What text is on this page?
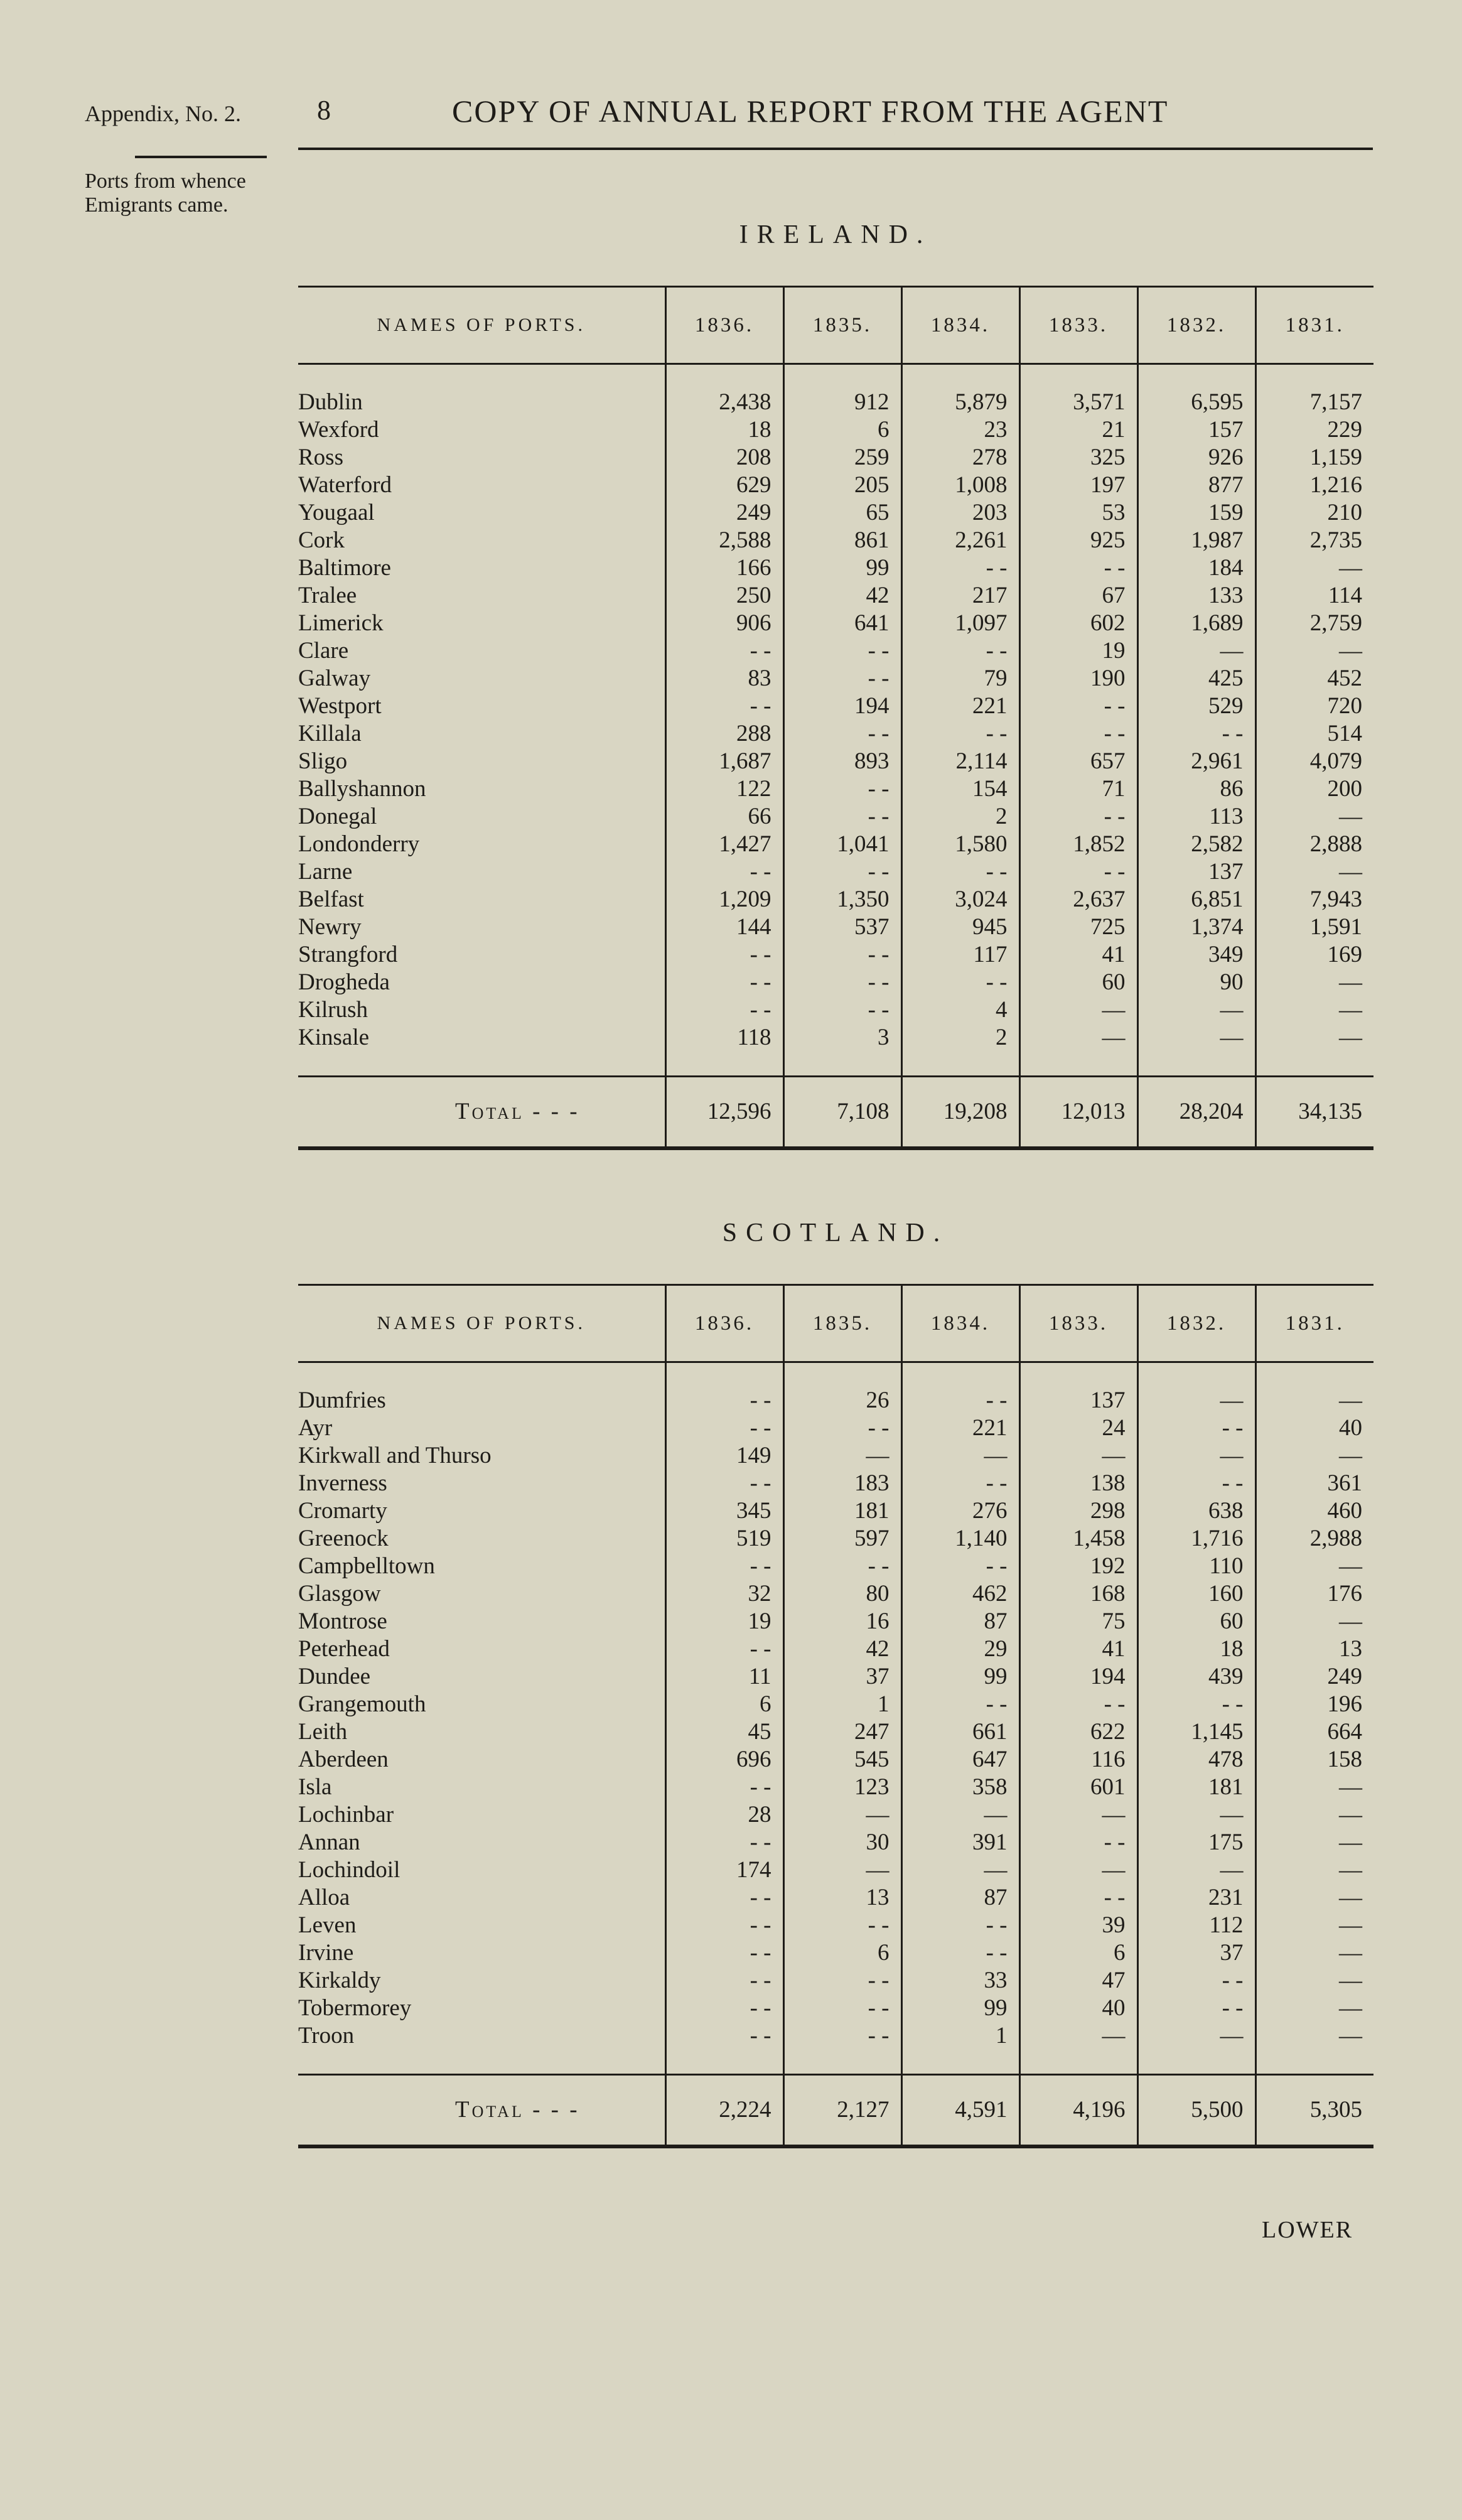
Appendix, No. 2.
Ports from whence
Emigrants came.
8	COPY OF ANNUAL REPORT FROM THE AGENT
IRELAND.
NAMES OF PORTS.	1836.	1835.	1834.	1833.	1832.	1831.
Dublin	2,438	912	5,879	3,571	6,595	7,157
Wexford	18	6	23	21	157	229
Ross	208	259	278	325	926	1,159
Waterford	629	205	1,008	197	877	1,216
Yougaal	249	65	203	53	159	210
Cork	2,588	861	2,261	925	1,987	2,735
Baltimore	166	99	- -	- -	184	—
Tralee	250	42	217	67	133	114
Limerick	906	641	1,097	602	1,689	2,759
Clare	- -	- -	- -	19	—	—
Galway	83	- -	79	190	425	452
Westport	- -	194	221	- -	529	720
Killala	288	- -	- -	- -	- -	514
Sligo	1,687	893	2,114	657	2,961	4,079
Ballyshannon	122	- -	154	71	86	200
Donegal	66	- -	2	- -	113	—
Londonderry	1,427	1,041	1,580	1,852	2,582	2,888
Larne	- -	- -	- -	- -	137	—
Belfast	1,209	1,350	3,024	2,637	6,851	7,943
Newry	144	537	945	725	1,374	1,591
Strangford	- -	- -	117	41	349	169
Drogheda	- -	- -	- -	60	90	—
Kilrush	- -	- -	4	—	—	—
Kinsale	118	3	2	—	—	—

Total - - -	12,596	7,108	19,208	12,013	28,204	34,135
SCOTLAND.
NAMES OF PORTS.	1836.	1835.	1834.	1833.	1832.	1831.
Dumfries	- -	26	- -	137	—	—
Ayr	- -	- -	221	24	- -	40
Kirkwall and Thurso	149	—	—	—	—	—
Inverness	- -	183	- -	138	- -	361
Cromarty	345	181	276	298	638	460
Greenock	519	597	1,140	1,458	1,716	2,988
Campbelltown	- -	- -	- -	192	110	—
Glasgow	32	80	462	168	160	176
Montrose	19	16	87	75	60	—
Peterhead	- -	42	29	41	18	13
Dundee	11	37	99	194	439	249
Grangemouth	6	1	- -	- -	- -	196
Leith	45	247	661	622	1,145	664
Aberdeen	696	545	647	116	478	158
Isla	- -	123	358	601	181	—
Lochinbar	28	—	—	—	—	—
Annan	- -	30	391	- -	175	—
Lochindoil	174	—	—	—	—	—
Alloa	- -	13	87	- -	231	—
Leven	- -	- -	- -	39	112	—
Irvine	- -	6	- -	6	37	—
Kirkaldy	- -	- -	33	47	- -	—
Tobermorey	- -	- -	99	40	- -	—
Troon	- -	- -	1	—	—	—

Total - - -	2,224	2,127	4,591	4,196	5,500	5,305
LOWER
